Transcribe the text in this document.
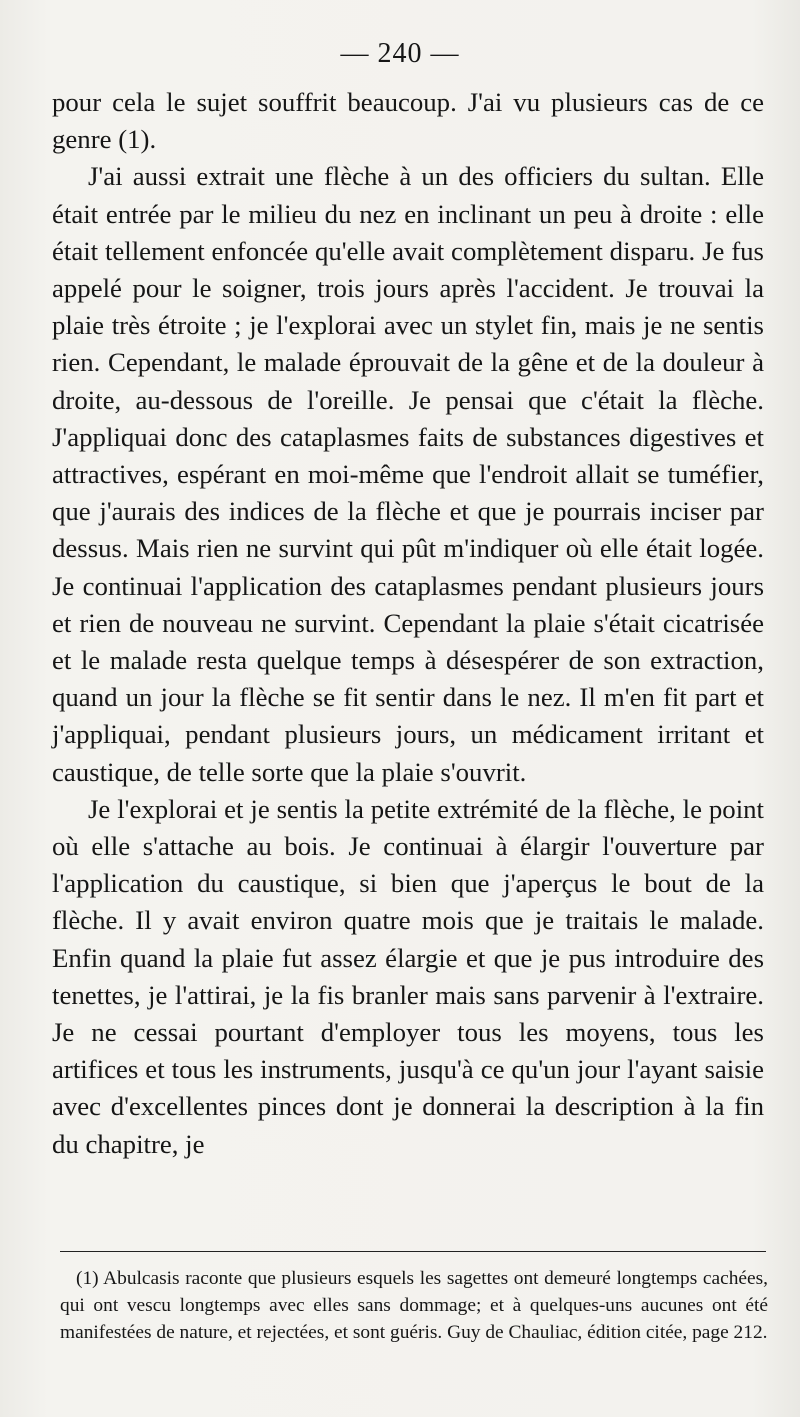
— 240 —

pour cela le sujet souffrit beaucoup. J'ai vu plusieurs cas de ce genre (1).

J'ai aussi extrait une flèche à un des officiers du sultan. Elle était entrée par le milieu du nez en inclinant un peu à droite : elle était tellement enfoncée qu'elle avait complètement disparu. Je fus appelé pour le soigner, trois jours après l'accident. Je trouvai la plaie très étroite ; je l'explorai avec un stylet fin, mais je ne sentis rien. Cependant, le malade éprouvait de la gêne et de la douleur à droite, au-dessous de l'oreille. Je pensai que c'était la flèche. J'appliquai donc des cataplasmes faits de substances digestives et attractives, espérant en moi-même que l'endroit allait se tuméfier, que j'aurais des indices de la flèche et que je pourrais inciser par dessus. Mais rien ne survint qui pût m'indiquer où elle était logée. Je continuai l'application des cataplasmes pendant plusieurs jours et rien de nouveau ne survint. Cependant la plaie s'était cicatrisée et le malade resta quelque temps à désespérer de son extraction, quand un jour la flèche se fit sentir dans le nez. Il m'en fit part et j'appliquai, pendant plusieurs jours, un médicament irritant et caustique, de telle sorte que la plaie s'ouvrit.

Je l'explorai et je sentis la petite extrémité de la flèche, le point où elle s'attache au bois. Je continuai à élargir l'ouverture par l'application du caustique, si bien que j'aperçus le bout de la flèche. Il y avait environ quatre mois que je traitais le malade. Enfin quand la plaie fut assez élargie et que je pus introduire des tenettes, je l'attirai, je la fis branler mais sans parvenir à l'extraire. Je ne cessai pourtant d'employer tous les moyens, tous les artifices et tous les instruments, jusqu'à ce qu'un jour l'ayant saisie avec d'excellentes pinces dont je donnerai la description à la fin du chapitre, je

(1) Abulcasis raconte que plusieurs esquels les sagettes ont demeuré longtemps cachées, qui ont vescu longtemps avec elles sans dommage; et à quelques-uns aucunes ont été manifestées de nature, et rejectées, et sont guéris. Guy de Chauliac, édition citée, page 212.
